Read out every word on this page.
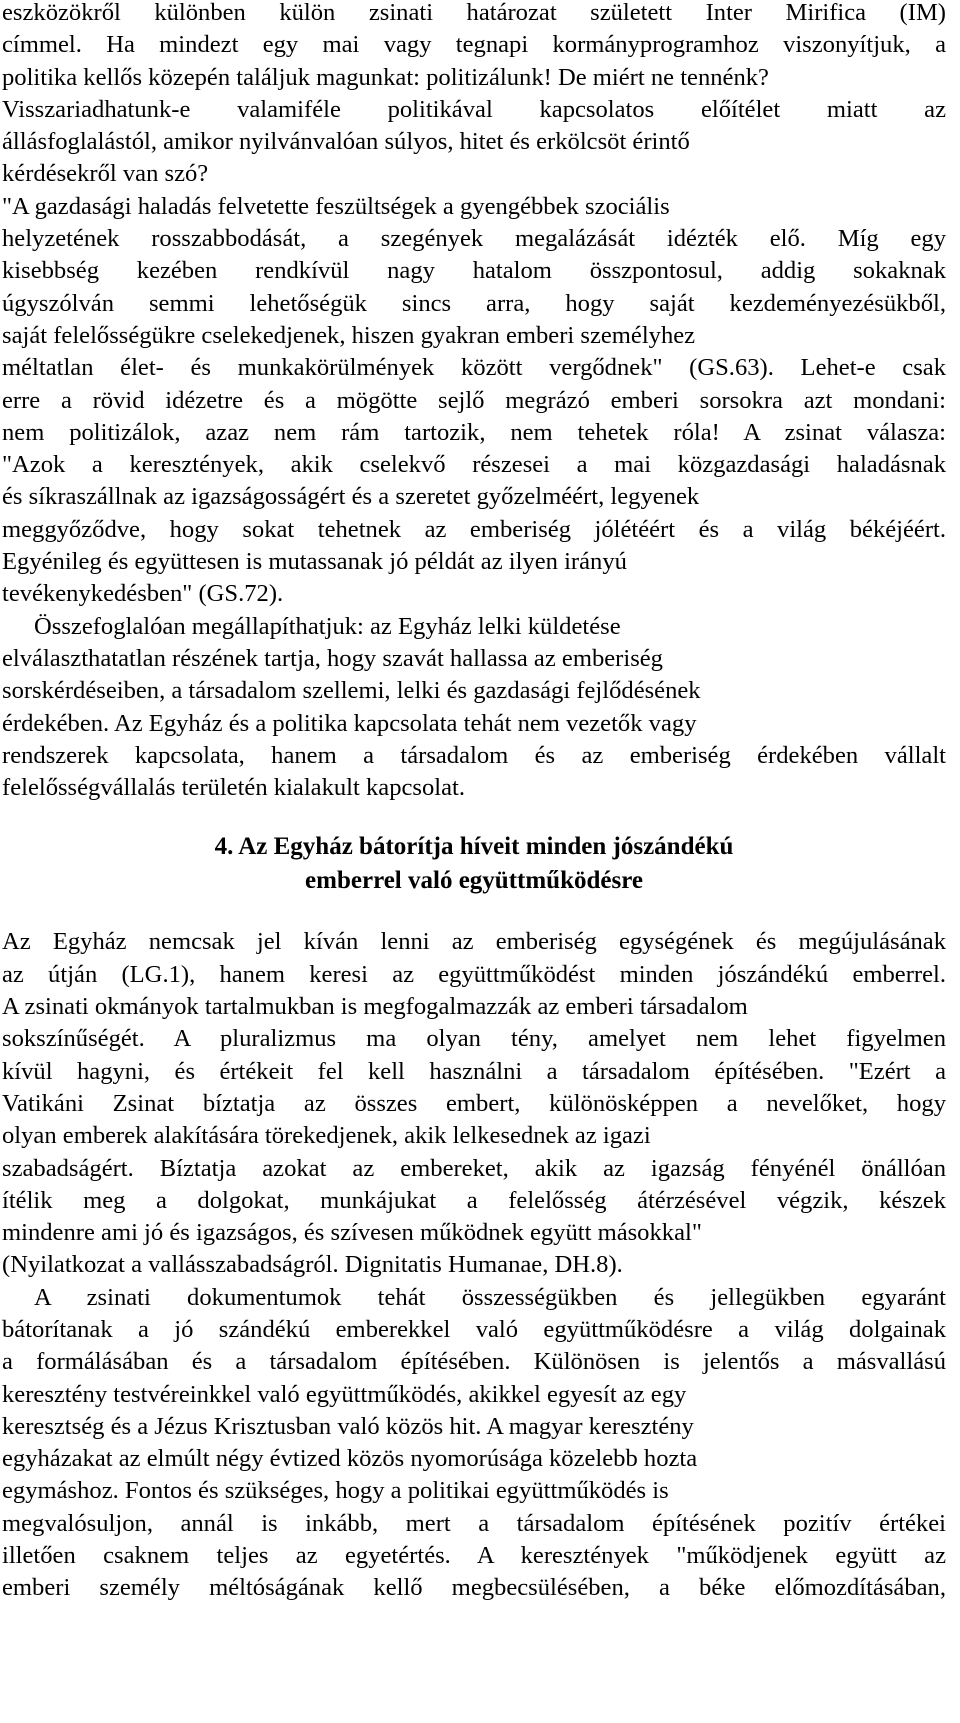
eszközökről különben külön zsinati határozat született Inter Mirifica (IM)
címmel. Ha mindezt egy mai vagy tegnapi kormányprogramhoz viszonyítjuk, a
politika kellős közepén találjuk magunkat: politizálunk! De miért ne tennénk?
Visszariadhatunk-e valamiféle politikával kapcsolatos előítélet miatt az
állásfoglalástól, amikor nyilvánvalóan súlyos, hitet és erkölcsöt érintő
kérdésekről van szó?
"A gazdasági haladás felvetette feszültségek a gyengébbek szociális
helyzetének rosszabbodását, a szegények megalázását idézték elő. Míg egy
kisebbség kezében rendkívül nagy hatalom összpontosul, addig sokaknak
úgyszólván semmi lehetőségük sincs arra, hogy saját kezdeményezésükből,
saját felelősségükre cselekedjenek, hiszen gyakran emberi személyhez
méltatlan élet- és munkakörülmények között vergődnek" (GS.63). Lehet-e csak
erre a rövid idézetre és a mögötte sejlő megrázó emberi sorsokra azt mondani:
nem politizálok, azaz nem rám tartozik, nem tehetek róla! A zsinat válasza:
"Azok a keresztények, akik cselekvő részesei a mai közgazdasági haladásnak
és síkraszállnak az igazságosságért és a szeretet győzelméért, legyenek
meggyőződve, hogy sokat tehetnek az emberiség jólétéért és a világ békéjéért.
Egyénileg és együttesen is mutassanak jó példát az ilyen irányú
tevékenykedésben" (GS.72).
Összefoglalóan megállapíthatjuk: az Egyház lelki küldetése
elválaszthatatlan részének tartja, hogy szavát hallassa az emberiség
sorskérdéseiben, a társadalom szellemi, lelki és gazdasági fejlődésének
érdekében. Az Egyház és a politika kapcsolata tehát nem vezetők vagy
rendszerek kapcsolata, hanem a társadalom és az emberiség érdekében vállalt
felelősségvállalás területén kialakult kapcsolat.
4. Az Egyház bátorítja híveit minden jószándékú
emberrel való együttműködésre
Az Egyház nemcsak jel kíván lenni az emberiség egységének és megújulásának
az útján (LG.1), hanem keresi az együttműködést minden jószándékú emberrel.
A zsinati okmányok tartalmukban is megfogalmazzák az emberi társadalom
sokszínűségét. A pluralizmus ma olyan tény, amelyet nem lehet figyelmen
kívül hagyni, és értékeit fel kell használni a társadalom építésében. "Ezért a
Vatikáni Zsinat bíztatja az összes embert, különösképpen a nevelőket, hogy
olyan emberek alakítására törekedjenek, akik lelkesednek az igazi
szabadságért. Bíztatja azokat az embereket, akik az igazság fényénél önállóan
ítélik meg a dolgokat, munkájukat a felelősség átérzésével végzik, készek
mindenre ami jó és igazságos, és szívesen működnek együtt másokkal"
(Nyilatkozat a vallásszabadságról. Dignitatis Humanae, DH.8).
A zsinati dokumentumok tehát összességükben és jellegükben egyaránt
bátorítanak a jó szándékú emberekkel való együttműködésre a világ dolgainak
a formálásában és a társadalom építésében. Különösen is jelentős a másvallású
keresztény testvéreinkkel való együttműködés, akikkel egyesít az egy
keresztség és a Jézus Krisztusban való közös hit. A magyar keresztény
egyházakat az elmúlt négy évtized közös nyomorúsága közelebb hozta
egymáshoz. Fontos és szükséges, hogy a politikai együttműködés is
megvalósuljon, annál is inkább, mert a társadalom építésének pozitív értékei
illetően csaknem teljes az egyetértés. A keresztények "működjenek együtt az
emberi személy méltóságának kellő megbecsülésében, a béke előmozdításában,
